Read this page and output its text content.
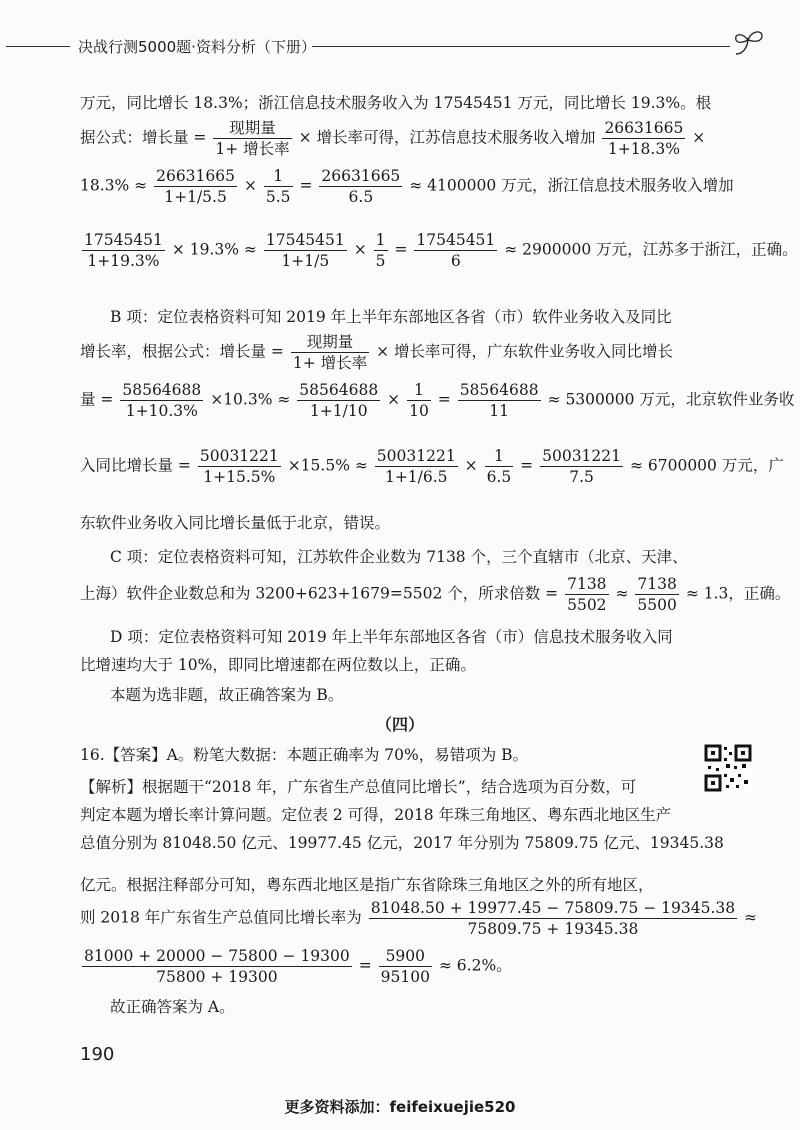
决战行测5000题·资料分析（下册）
万元，同比增长 18.3%；浙江信息技术服务收入为 17545451 万元，同比增长 19.3%。根
据公式：增长量 = $\frac{\text{现期量}}{\text{1+ 增长率}}$ × 增长率可得，江苏信息技术服务收入增加 $\frac{26631665}{1+18.3\%}$ ×
$18.3\% \approx \frac{26631665}{1+1/5.5} \times \frac{1}{5.5} = \frac{26631665}{6.5} \approx 4100000$ 万元，浙江信息技术服务收入增加
$\frac{17545451}{1+19.3\%} \times 19.3\% \approx \frac{17545451}{1+1/5} \times \frac{1}{5} = \frac{17545451}{6} \approx 2900000$ 万元，江苏多于浙江，正确。
B 项：定位表格资料可知 2019 年上半年东部地区各省（市）软件业务收入及同比
增长率，根据公式：增长量 = $\frac{\text{现期量}}{\text{1+ 增长率}}$ × 增长率可得，广东软件业务收入同比增长
量 = $\frac{58564688}{1+10.3\%} \times 10.3\% \approx \frac{58564688}{1+1/10} \times \frac{1}{10} = \frac{58564688}{11} \approx 5300000$ 万元，北京软件业务收
入同比增长量 = $\frac{50031221}{1+15.5\%} \times 15.5\% \approx \frac{50031221}{1+1/6.5} \times \frac{1}{6.5} = \frac{50031221}{7.5} \approx 6700000$ 万元，广
东软件业务收入同比增长量低于北京，错误。
C 项：定位表格资料可知，江苏软件企业数为 7138 个，三个直辖市（北京、天津、
上海）软件企业数总和为 3200+623+1679=5502 个，所求倍数 = $\frac{7138}{5502} \approx \frac{7138}{5500} \approx 1.3$，正确。
D 项：定位表格资料可知 2019 年上半年东部地区各省（市）信息技术服务收入同
比增速均大于 10%，即同比增速都在两位数以上，正确。
本题为选非题，故正确答案为 B。
（四）
16.【答案】A。粉笔大数据：本题正确率为 70%，易错项为 B。
【解析】根据题干“2018 年，广东省生产总值同比增长”，结合选项为百分数，可
判定本题为增长率计算问题。定位表 2 可得，2018 年珠三角地区、粤东西北地区生产
总值分别为 81048.50 亿元、19977.45 亿元，2017 年分别为 75809.75 亿元、19345.38
亿元。根据注释部分可知，粤东西北地区是指广东省除珠三角地区之外的所有地区，
则 2018 年广东省生产总值同比增长率为 $\frac{81048.50 + 19977.45 - 75809.75 - 19345.38}{75809.75 + 19345.38}$ ≈
$\frac{81000 + 20000 - 75800 - 19300}{75800 + 19300} = \frac{5900}{95100} \approx 6.2\%$。
故正确答案为 A。
190
更多资料添加：feifeixuejie520
